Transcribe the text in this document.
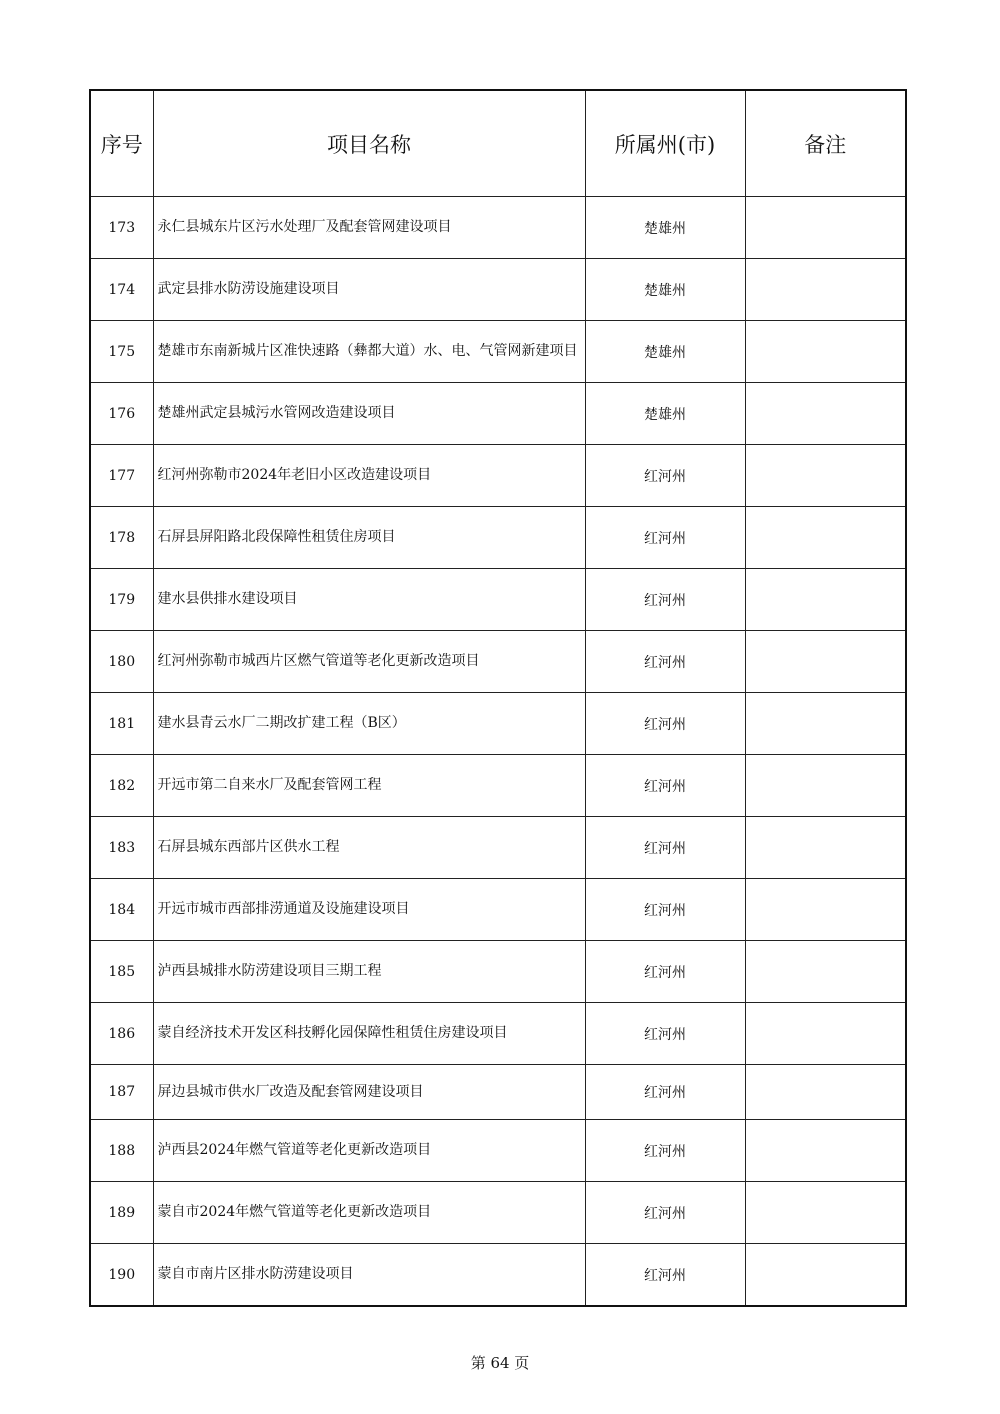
序号	项目名称	所属州(市)	备注
173	永仁县城东片区污水处理厂及配套管网建设项目	楚雄州	
174	武定县排水防涝设施建设项目	楚雄州	
175	楚雄市东南新城片区准快速路（彝都大道）水、电、气管网新建项目	楚雄州	
176	楚雄州武定县城污水管网改造建设项目	楚雄州	
177	红河州弥勒市2024年老旧小区改造建设项目	红河州	
178	石屏县屏阳路北段保障性租赁住房项目	红河州	
179	建水县供排水建设项目	红河州	
180	红河州弥勒市城西片区燃气管道等老化更新改造项目	红河州	
181	建水县青云水厂二期改扩建工程（B区）	红河州	
182	开远市第二自来水厂及配套管网工程	红河州	
183	石屏县城东西部片区供水工程	红河州	
184	开远市城市西部排涝通道及设施建设项目	红河州	
185	泸西县城排水防涝建设项目三期工程	红河州	
186	蒙自经济技术开发区科技孵化园保障性租赁住房建设项目	红河州	
187	屏边县城市供水厂改造及配套管网建设项目	红河州	
188	泸西县2024年燃气管道等老化更新改造项目	红河州	
189	蒙自市2024年燃气管道等老化更新改造项目	红河州	
190	蒙自市南片区排水防涝建设项目	红河州	
第 64 页
